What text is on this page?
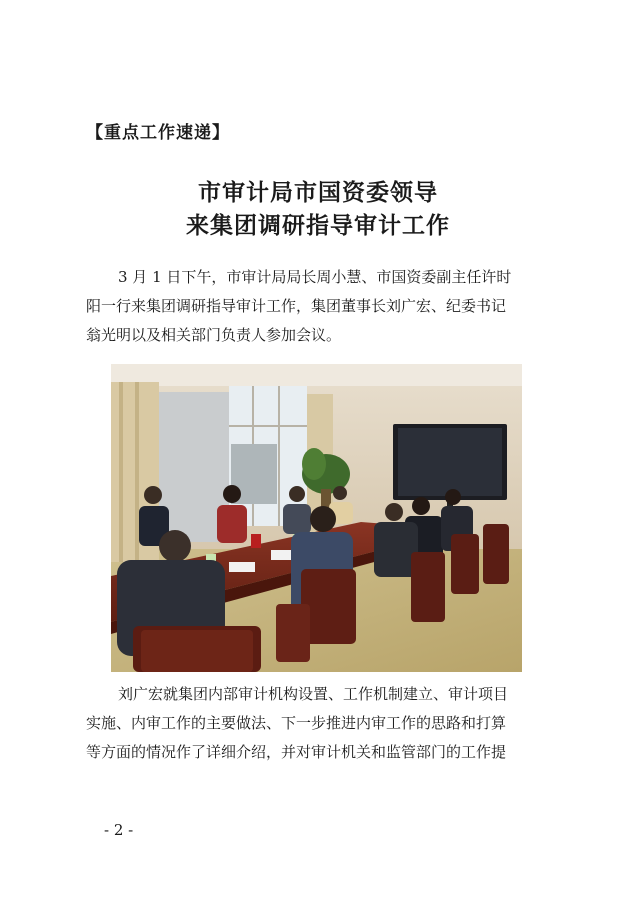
【重点工作速递】
市审计局市国资委领导
来集团调研指导审计工作
3 月 1 日下午，市审计局局长周小慧、市国资委副主任许时
阳一行来集团调研指导审计工作，集团董事长刘广宏、纪委书记
翁光明以及相关部门负责人参加会议。
刘广宏就集团内部审计机构设置、工作机制建立、审计项目
实施、内审工作的主要做法、下一步推进内审工作的思路和打算
等方面的情况作了详细介绍，并对审计机关和监管部门的工作提
- 2 -
